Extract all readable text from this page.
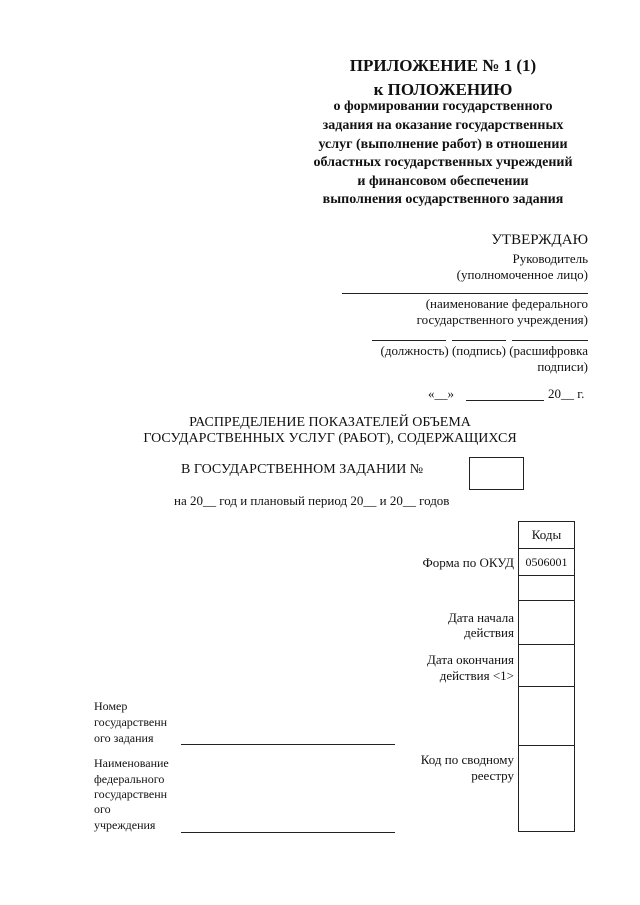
ПРИЛОЖЕНИЕ № 1 (1)
к ПОЛОЖЕНИЮ
о формировании государственного
задания на оказание государственных
услуг (выполнение работ) в отношении
областных государственных учреждений
и финансовом обеспечении
выполнения осударственного задания
УТВЕРЖДАЮ
Руководитель
(уполномоченное лицо)
(наименование федерального
государственного учреждения)
(должность) (подпись) (расшифровка
подписи)
«__»	20__ г.
РАСПРЕДЕЛЕНИЕ ПОКАЗАТЕЛЕЙ ОБЪЕМА
ГОСУДАРСТВЕННЫХ УСЛУГ (РАБОТ), СОДЕРЖАЩИХСЯ
В ГОСУДАРСТВЕННОМ ЗАДАНИИ №
на 20__ год и плановый период 20__ и 20__ годов
Коды
0506001
Форма по ОКУД
Дата начала
действия
Дата окончания
действия <1>
Код по сводному
реестру
Номер
государственн
ого задания
Наименование
федерального
государственн
ого
учреждения
